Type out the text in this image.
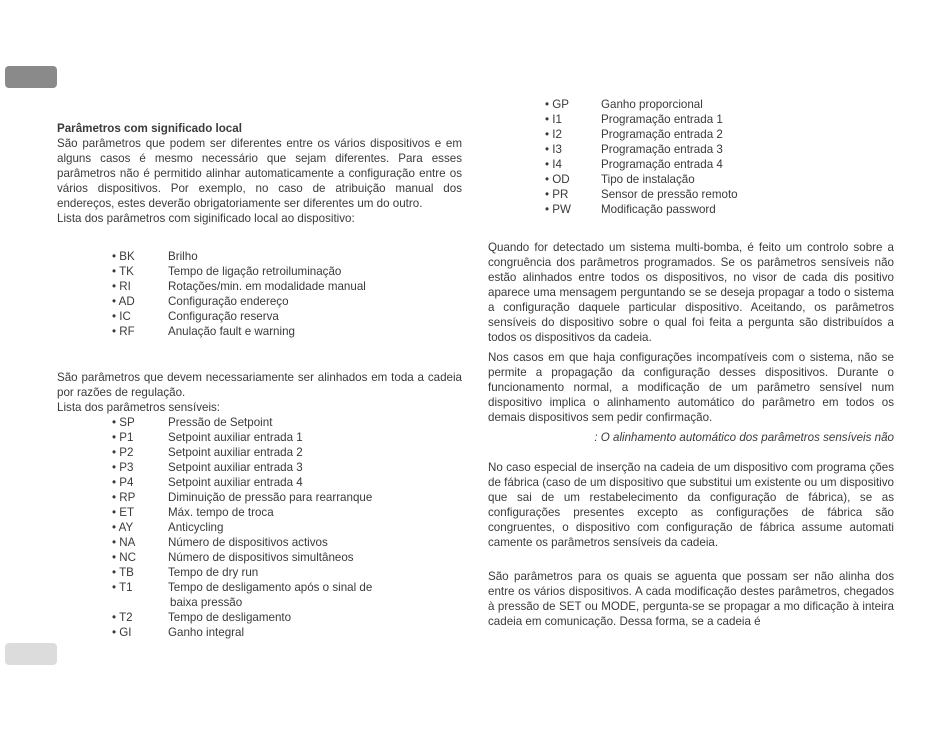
Parâmetros com significado local

São parâmetros que podem ser diferentes entre os vários dispositivos e em alguns casos é mesmo necessário que sejam diferentes. Para esses parâmetros não é permitido alinhar automaticamente a configuração entre os vários dispositivos. Por exemplo, no caso de atribuição manual dos endereços, estes deverão obrigatoriamente ser diferentes um do outro.

Lista dos parâmetros com siginificado local ao dispositivo:

• BK	Brilho
• TK	Tempo de ligação retroiluminação
• RI	Rotações/min. em modalidade manual
• AD	Configuração endereço
• IC	Configuração reserva
• RF	Anulação fault e warning

São parâmetros que devem necessariamente ser alinhados em toda a cadeia por razões de regulação.

Lista dos parâmetros sensíveis:

• SP	Pressão de Setpoint
• P1	Setpoint auxiliar entrada 1
• P2	Setpoint auxiliar entrada 2
• P3	Setpoint auxiliar entrada 3
• P4	Setpoint auxiliar entrada 4
• RP	Diminuição de pressão para rearranque
• ET	Máx. tempo de troca
• AY	Anticycling
• NA	Número de dispositivos activos
• NC	Número de dispositivos simultâneos
• TB	Tempo de dry run
• T1	Tempo de desligamento após o sinal de
baixa pressão
• T2	Tempo de desligamento
• GI	Ganho integral
• GP	Ganho proporcional
• I1	Programação entrada 1
• I2	Programação entrada 2
• I3	Programação entrada 3
• I4	Programação entrada 4
• OD	Tipo de instalação
• PR	Sensor de pressão remoto
• PW	Modificação password

Quando for detectado um sistema multi-bomba, é feito um controlo sobre a congruência dos parâmetros programados. Se os parâmetros sensíveis não estão alinhados entre todos os dispositivos, no visor de cada dis positivo aparece uma mensagem perguntando se se deseja propagar a todo o sistema a configuração daquele particular dispositivo. Aceitando, os parâmetros sensíveis do dispositivo sobre o qual foi feita a pergunta são distribuídos a todos os dispositivos da cadeia.

Nos casos em que haja configurações incompatíveis com o sistema, não se permite a propagação da configuração desses dispositivos. Durante o funcionamento normal, a modificação de um parâmetro sensível num dispositivo implica o alinhamento automático do parâmetro em todos os demais dispositivos sem pedir confirmação.

: O alinhamento automático dos parâmetros sensíveis não

No caso especial de inserção na cadeia de um dispositivo com programa ções de fábrica (caso de um dispositivo que substitui um existente ou um dispositivo que sai de um restabelecimento da configuração de fábrica), se as configurações presentes excepto as configurações de fábrica são congruentes, o dispositivo com configuração de fábrica assume automati camente os parâmetros sensíveis da cadeia.

São parâmetros para os quais se aguenta que possam ser não alinha dos entre os vários dispositivos. A cada modificação destes parâmetros, chegados à pressão de SET ou MODE, pergunta-se se propagar a mo dificação à inteira cadeia em comunicação. Dessa forma, se a cadeia é
